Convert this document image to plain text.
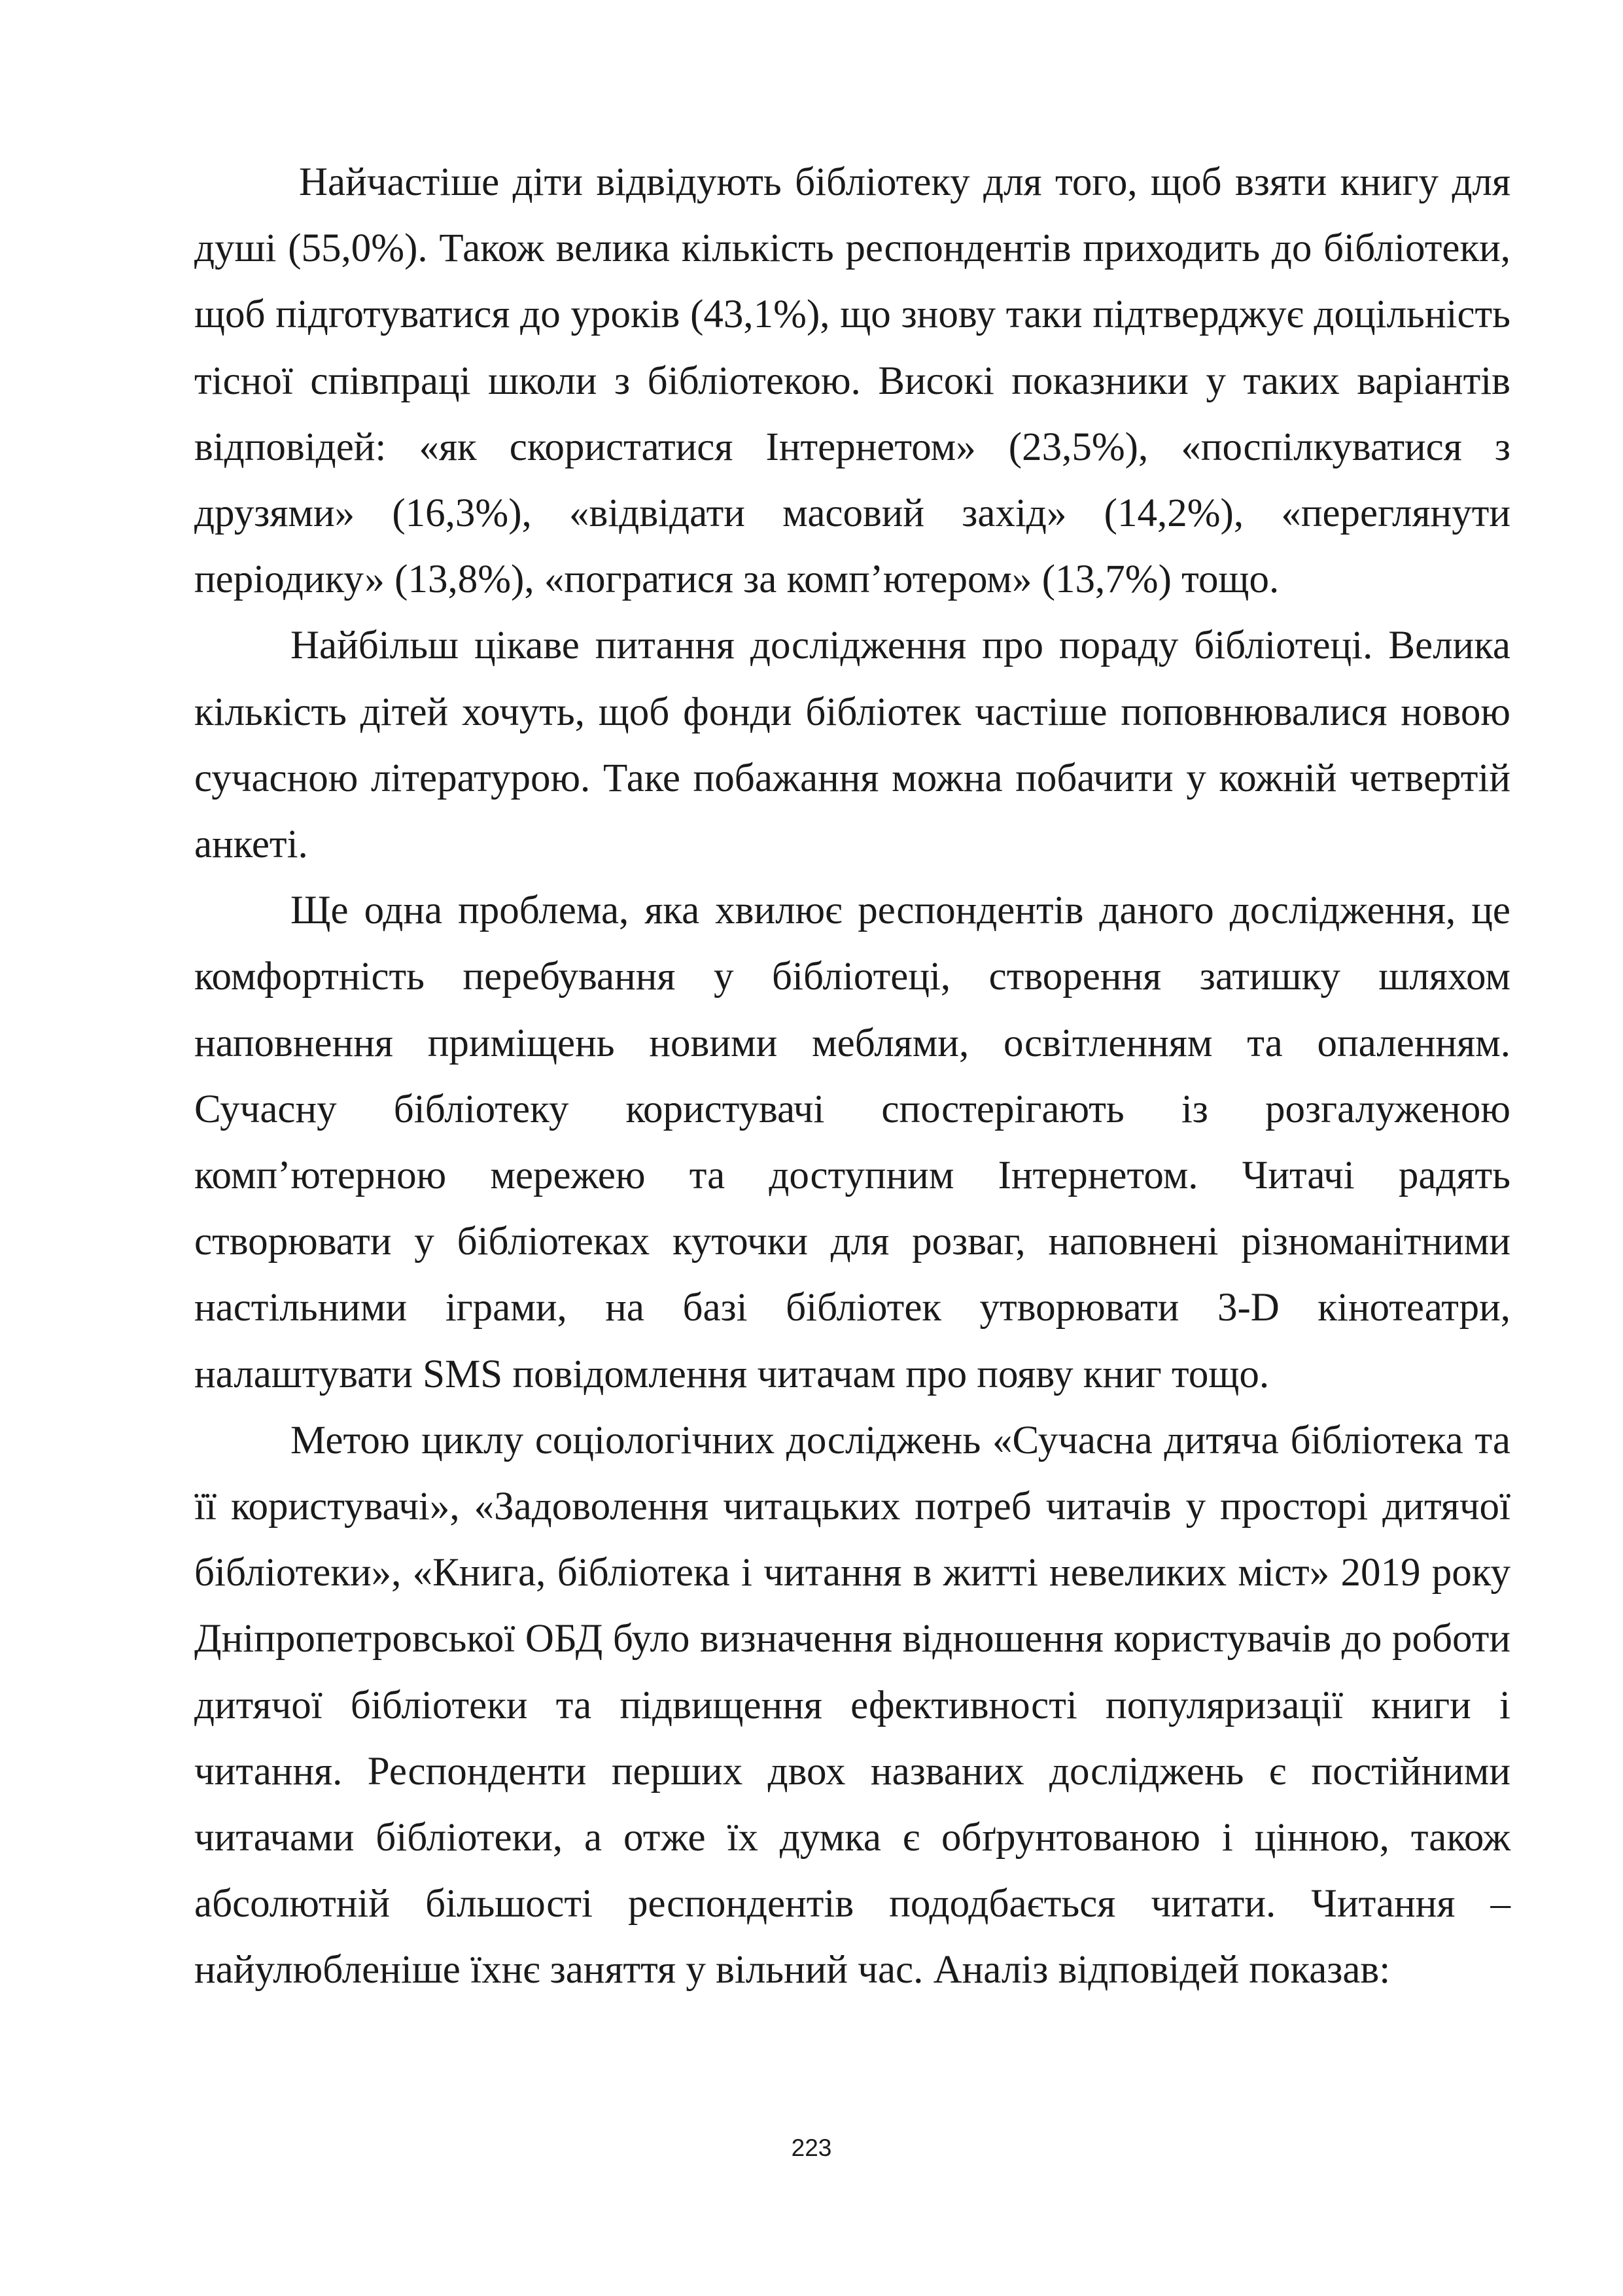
Найчастіше діти відвідують бібліотеку для того, щоб взяти книгу для душі (55,0%). Також велика кількість респондентів приходить до бібліотеки, щоб підготуватися до уроків (43,1%), що знову таки підтверджує доцільність тісної співпраці школи з бібліотекою. Високі показники у таких варіантів відповідей: «як скористатися Інтернетом» (23,5%), «поспілкуватися з друзями» (16,3%), «відвідати масовий захід» (14,2%), «переглянути періодику» (13,8%), «погратися за комп’ютером» (13,7%) тощо.

Найбільш цікаве питання дослідження про пораду бібліотеці. Велика кількість дітей хочуть, щоб фонди бібліотек частіше поповнювалися новою сучасною літературою. Таке побажання можна побачити у кожній четвертій анкеті.

Ще одна проблема, яка хвилює респондентів даного дослідження, це комфортність перебування у бібліотеці, створення затишку шляхом наповнення приміщень новими меблями, освітленням та опаленням. Сучасну бібліотеку користувачі спостерігають із розгалуженою комп’ютерною мережею та доступним Інтернетом. Читачі радять створювати у бібліотеках куточки для розваг, наповнені різноманітними настільними іграми, на базі бібліотек утворювати 3-D кінотеатри, налаштувати SMS повідомлення читачам про появу книг тощо.

Метою циклу соціологічних досліджень «Сучасна дитяча бібліотека та її користувачі», «Задоволення читацьких потреб читачів у просторі дитячої бібліотеки», «Книга, бібліотека і читання в житті невеликих міст» 2019 року Дніпропетровської ОБД було визначення відношення користувачів до роботи дитячої бібліотеки та підвищення ефективності популяризації книги і читання. Респонденти перших двох названих досліджень є постійними читачами бібліотеки, а отже їх думка є обґрунтованою і цінною, також абсолютній більшості респондентів пододбається читати. Читання – найулюбленіше їхнє заняття у вільний час. Аналіз відповідей показав:

223
